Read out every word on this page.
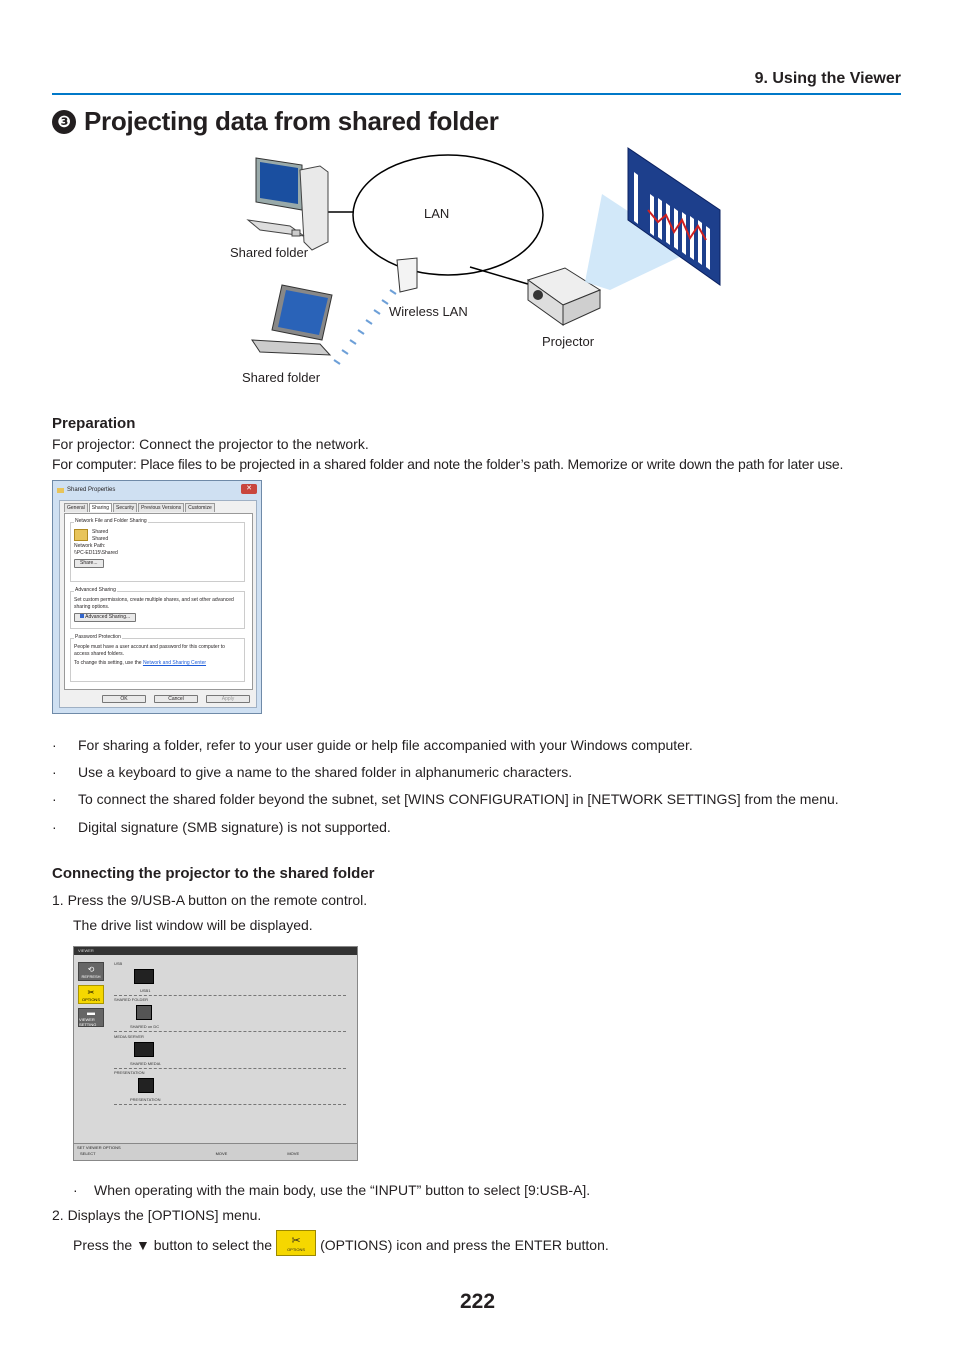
9. Using the Viewer
❸ Projecting data from shared folder
LAN
Shared folder
Wireless LAN
Projector
Shared folder
Preparation
For projector: Connect the projector to the network.
For computer: Place files to be projected in a shared folder and note the folder’s path. Memorize or write down the path for later use.
Shared Properties	✕
General	Sharing	Security	Previous Versions	Customize
Network File and Folder Sharing
Shared
Shared
Network Path:
\\PC-ED115\Shared
Share...
Advanced Sharing
Set custom permissions, create multiple shares, and set other advanced sharing options.
Advanced Sharing...
Password Protection
People must have a user account and password for this computer to access shared folders.
To change this setting, use the Network and Sharing Center
OK	Cancel	Apply
·	For sharing a folder, refer to your user guide or help file accompanied with your Windows computer.
·	Use a keyboard to give a name to the shared folder in alphanumeric characters.
·	To connect the shared folder beyond the subnet, set [WINS CONFIGURATION] in [NETWORK SETTINGS] from the menu.
·	Digital signature (SMB signature) is not supported.
Connecting the projector to the shared folder
1. Press the 9/USB-A button on the remote control.
The drive list window will be displayed.
VIEWER
⟲
REFRESH
✂
OPTIONS
▬
VIEWER SETTING
USB
USB1
SHARED FOLDER
SHARED on DC
MEDIA SERVER
SHARED MEDIA
PRESENTATION
PRESENTATION
SET VIEWER OPTIONS
SELECT	MOVE	MOVE
·	When operating with the main body, use the “INPUT” button to select [9:USB-A].
2. Displays the [OPTIONS] menu.
Press the ▼ button to select the ✂
OPTIONS (OPTIONS) icon and press the ENTER button.
222
